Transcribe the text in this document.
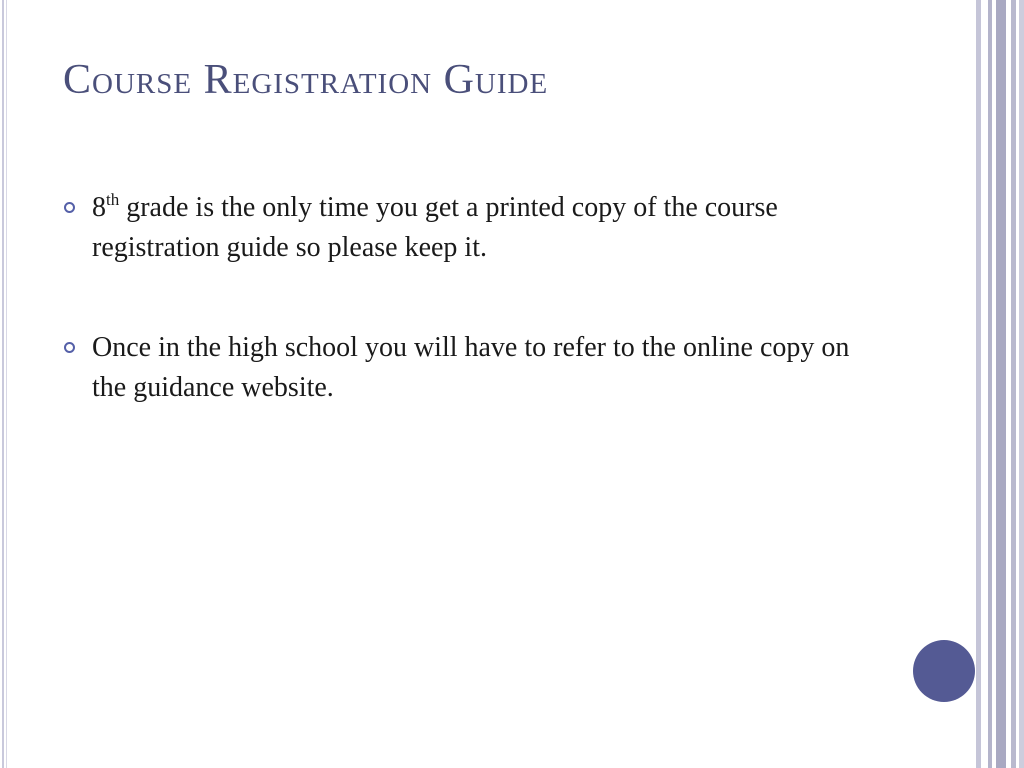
Course Registration Guide
8th grade is the only time you get a printed copy of the course registration guide so please keep it.
Once in the high school you will have to refer to the online copy on the guidance website.
